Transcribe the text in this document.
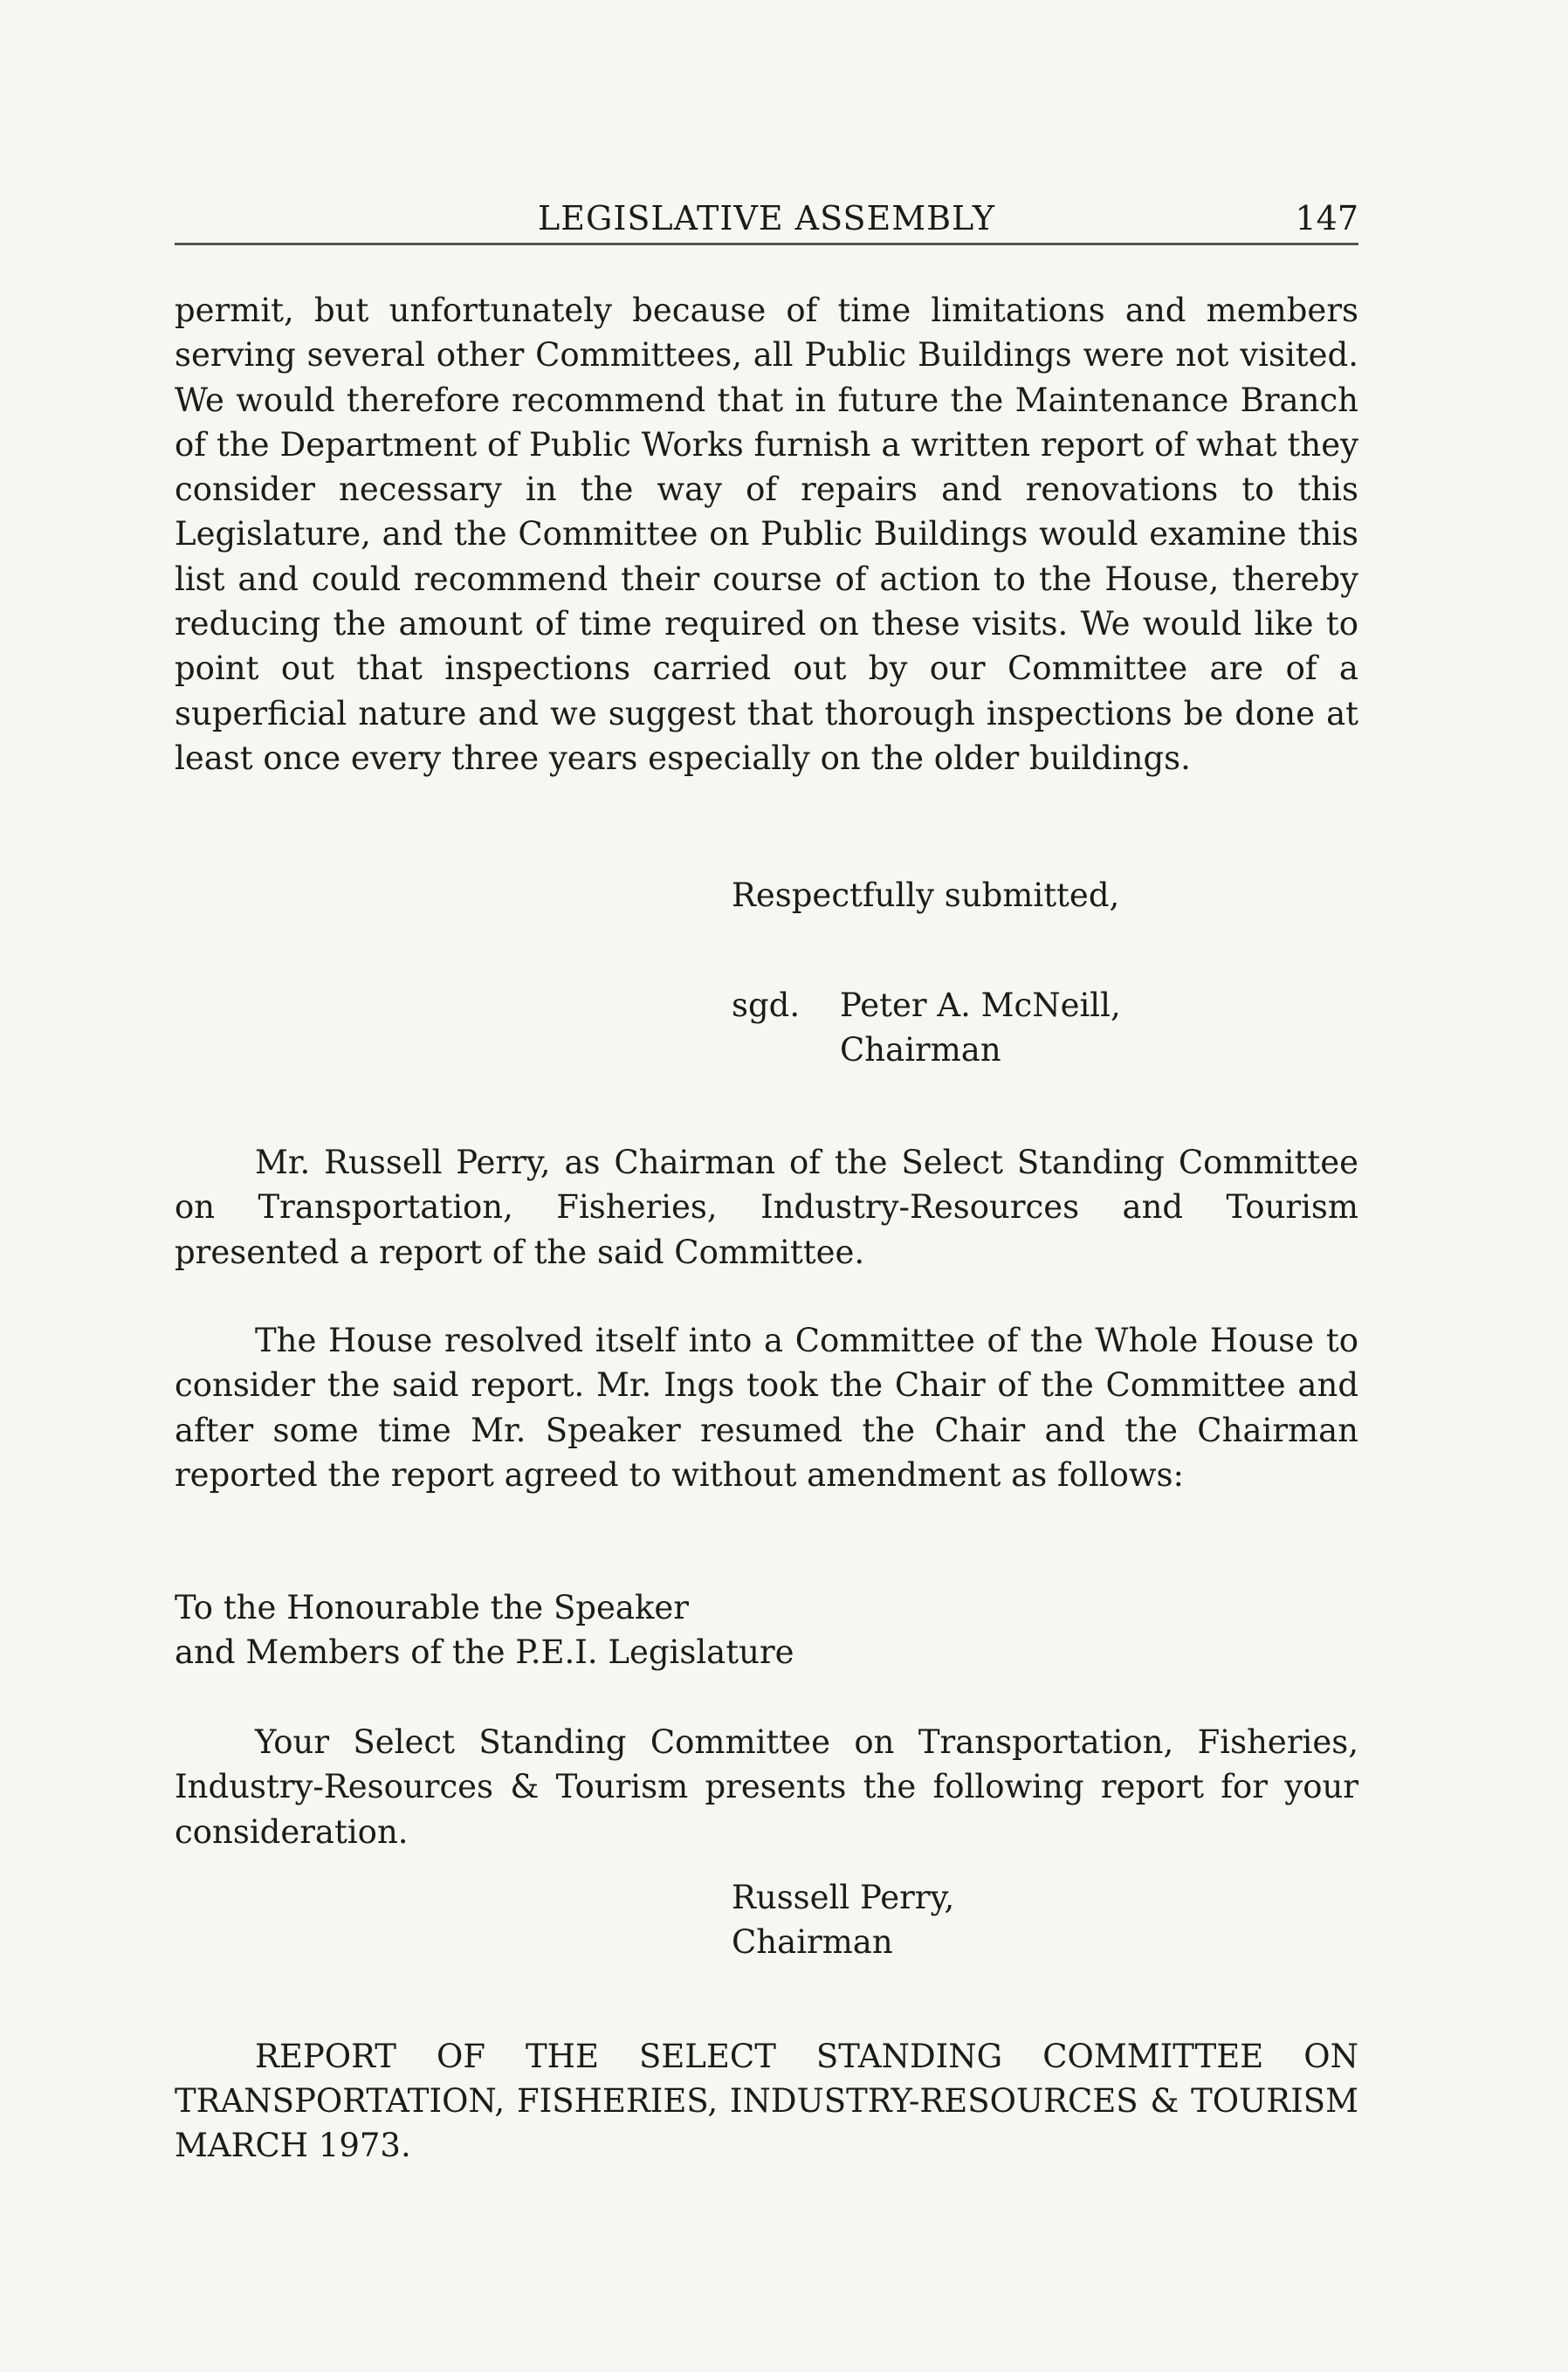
LEGISLATIVE ASSEMBLY	147

permit, but unfortunately because of time limitations and members serving several other Committees, all Public Buildings were not visited. We would therefore recommend that in future the Maintenance Branch of the Department of Public Works furnish a written report of what they consider necessary in the way of repairs and renovations to this Legislature, and the Committee on Public Buildings would examine this list and could recommend their course of action to the House, thereby reducing the amount of time required on these visits. We would like to point out that inspections carried out by our Committee are of a superficial nature and we suggest that thorough inspections be done at least once every three years especially on the older buildings.

Respectfully submitted,
sgd. Peter A. McNeill,
Chairman

Mr. Russell Perry, as Chairman of the Select Standing Committee on Transportation, Fisheries, Industry-Resources and Tourism presented a report of the said Committee.

The House resolved itself into a Committee of the Whole House to consider the said report. Mr. Ings took the Chair of the Committee and after some time Mr. Speaker resumed the Chair and the Chairman reported the report agreed to without amendment as follows:

To the Honourable the Speaker
and Members of the P.E.I. Legislature

Your Select Standing Committee on Transportation, Fisheries, Industry-Resources & Tourism presents the following report for your consideration.

Russell Perry,
Chairman

REPORT OF THE SELECT STANDING COMMITTEE ON TRANSPORTATION, FISHERIES, INDUSTRY-RESOURCES & TOURISM MARCH 1973.
